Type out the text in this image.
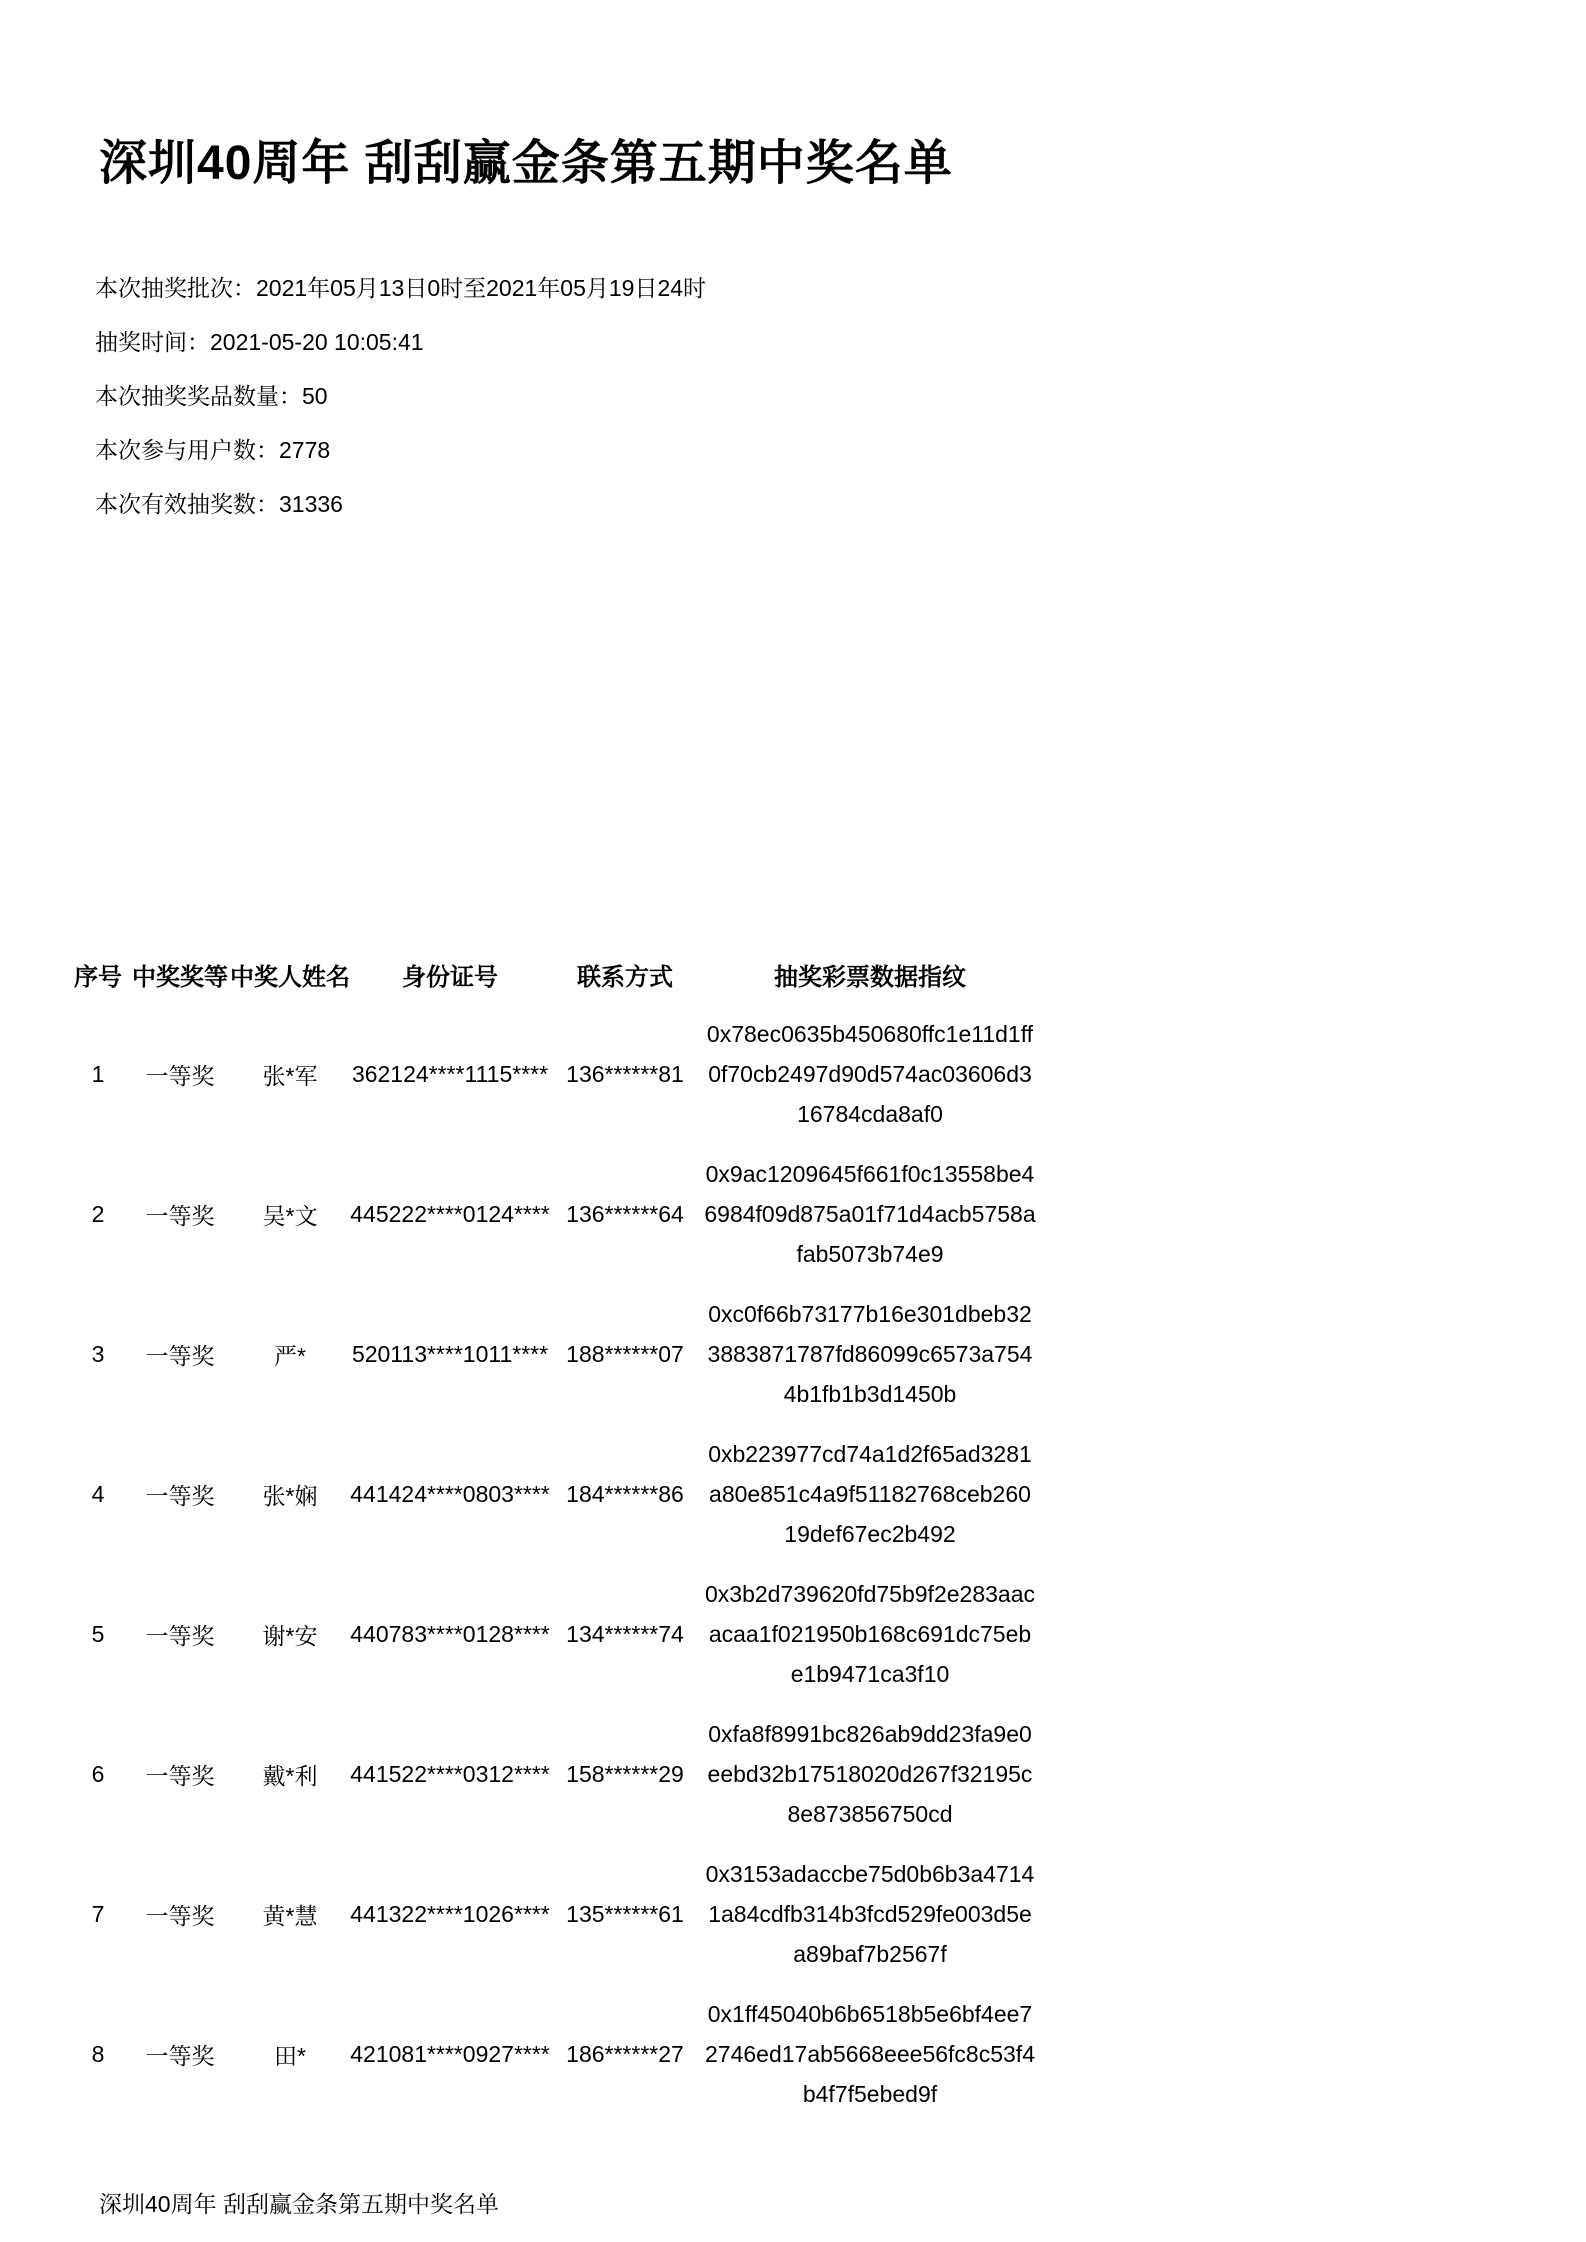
深圳40周年 刮刮赢金条第五期中奖名单

本次抽奖批次：2021年05月13日0时至2021年05月19日24时

抽奖时间：2021-05-20 10:05:41

本次抽奖奖品数量：50

本次参与用户数：2778

本次有效抽奖数：31336

序号	中奖奖等	中奖人姓名	身份证号	联系方式	抽奖彩票数据指纹
1	一等奖	张*军	362124****1115****	136******81	0x78ec0635b450680ffc1e11d1ff0f70cb2497d90d574ac03606d316784cda8af0
2	一等奖	吴*文	445222****0124****	136******64	0x9ac1209645f661f0c13558be46984f09d875a01f71d4acb5758afab5073b74e9
3	一等奖	严*	520113****1011****	188******07	0xc0f66b73177b16e301dbeb323883871787fd86099c6573a7544b1fb1b3d1450b
4	一等奖	张*娴	441424****0803****	184******86	0xb223977cd74a1d2f65ad3281a80e851c4a9f51182768ceb26019def67ec2b492
5	一等奖	谢*安	440783****0128****	134******74	0x3b2d739620fd75b9f2e283aacacaa1f021950b168c691dc75ebe1b9471ca3f10
6	一等奖	戴*利	441522****0312****	158******29	0xfa8f8991bc826ab9dd23fa9e0eebd32b17518020d267f32195c8e873856750cd
7	一等奖	黄*慧	441322****1026****	135******61	0x3153adaccbe75d0b6b3a47141a84cdfb314b3fcd529fe003d5ea89baf7b2567f
8	一等奖	田*	421081****0927****	186******27	0x1ff45040b6b6518b5e6bf4ee72746ed17ab5668eee56fc8c53f4b4f7f5ebed9f
深圳40周年 刮刮赢金条第五期中奖名单
